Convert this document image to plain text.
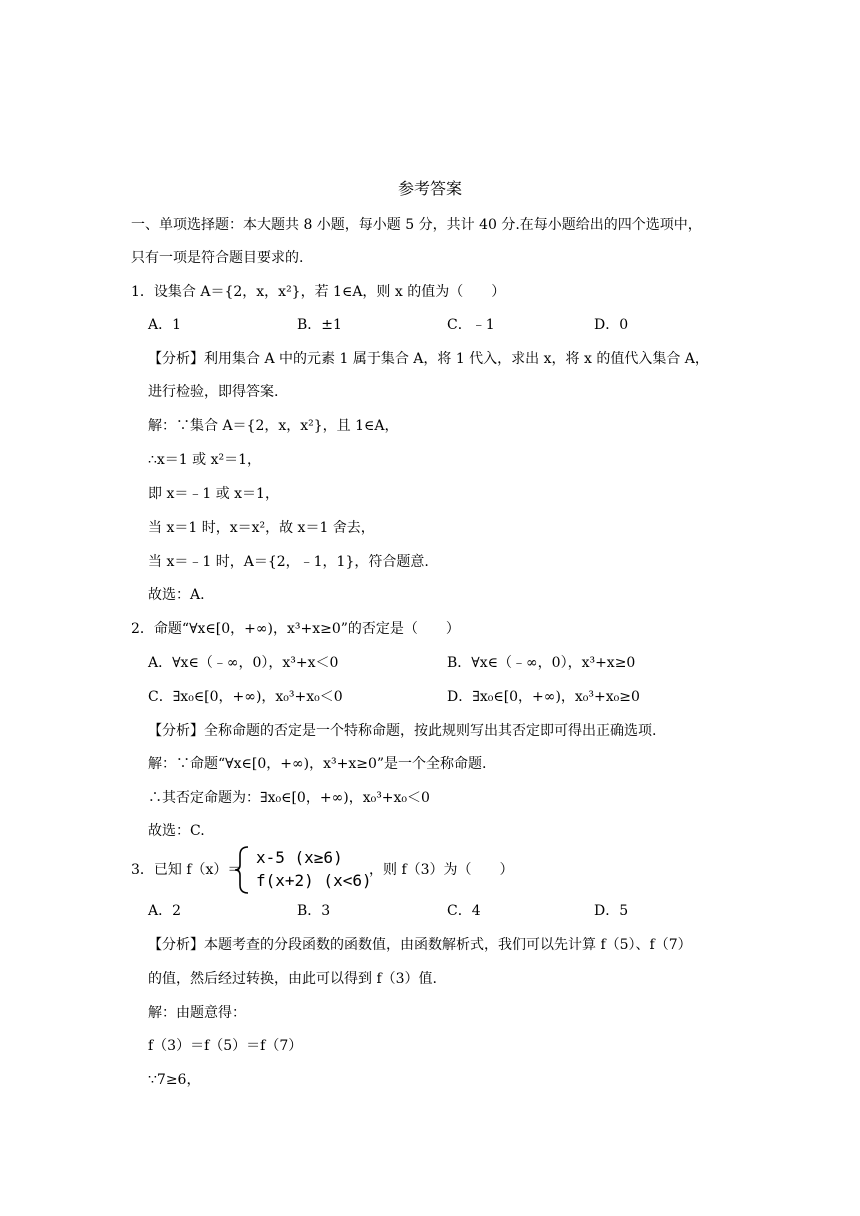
参考答案
一、单项选择题：本大题共 8 小题，每小题 5 分，共计 40 分.在每小题给出的四个选项中，
只有一项是符合题目要求的.
1．设集合 A＝{2，x，x²}，若 1∈A，则 x 的值为（　　）
A．1	B．±1	C．﹣1	D．0
【分析】利用集合 A 中的元素 1 属于集合 A，将 1 代入，求出 x，将 x 的值代入集合 A，
进行检验，即得答案.
解：∵集合 A＝{2，x，x²}，且 1∈A，
∴x＝1 或 x²＝1，
即 x＝﹣1 或 x＝1，
当 x＝1 时，x＝x²，故 x＝1 舍去，
当 x＝﹣1 时，A＝{2，﹣1，1}，符合题意.
故选：A.
2．命题“∀x∈[0，+∞)，x³+x≥0”的否定是（　　）
A．∀x∈（﹣∞，0），x³+x＜0	B．∀x∈（﹣∞，0），x³+x≥0
C．∃x₀∈[0，+∞)，x₀³+x₀＜0	D．∃x₀∈[0，+∞)，x₀³+x₀≥0
【分析】全称命题的否定是一个特称命题，按此规则写出其否定即可得出正确选项.
解：∵命题“∀x∈[0，+∞)，x³+x≥0”是一个全称命题.
∴其否定命题为：∃x₀∈[0，+∞)，x₀³+x₀＜0
故选：C.
3．已知 f（x）＝
x-5 (x≥6)
f(x+2) (x<6)
，则 f（3）为（　　）
A．2	B．3	C．4	D．5
【分析】本题考查的分段函数的函数值，由函数解析式，我们可以先计算 f（5）、f（7）
的值，然后经过转换，由此可以得到 f（3）值.
解：由题意得：
f（3）＝f（5）＝f（7）
∵7≥6，
